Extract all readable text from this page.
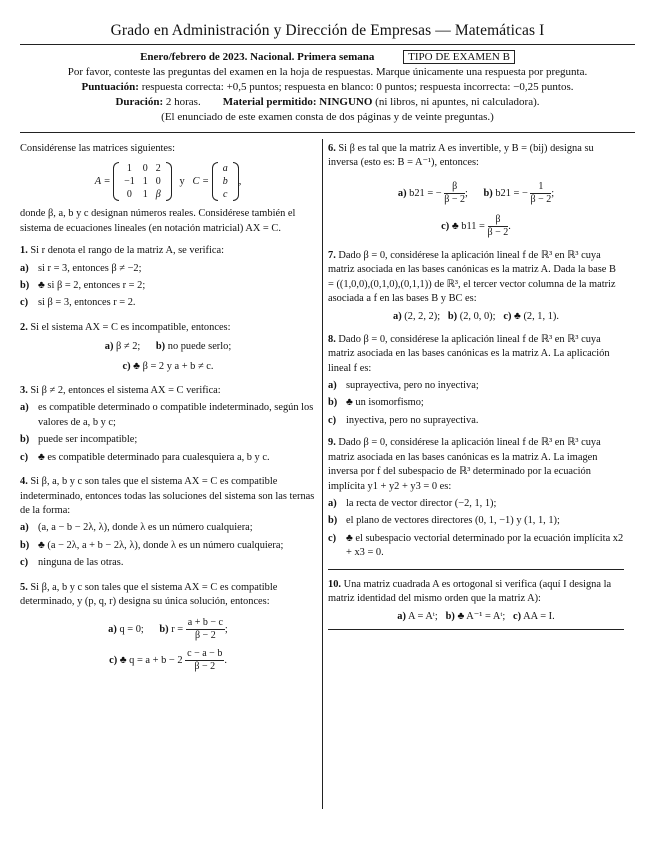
Grado en Administración y Dirección de Empresas — Matemáticas I
Enero/febrero de 2023. Nacional. Primera semana	TIPO DE EXAMEN B
Por favor, conteste las preguntas del examen en la hoja de respuestas. Marque únicamente una respuesta por pregunta.
Puntuación: respuesta correcta: +0,5 puntos; respuesta en blanco: 0 puntos; respuesta incorrecta: −0,25 puntos.
Duración: 2 horas. Material permitido: NINGUNO (ni libros, ni apuntes, ni calculadora).
(El enunciado de este examen consta de dos páginas y de veinte preguntas.)

Considérense las matrices siguientes:

A =
1	0	2
−1	1	0
0	1	β
y C =
a
b
c
,

donde β, a, b y c designan números reales. Considérese también el sistema de ecuaciones lineales (en notación matricial) AX = C.

1. Si r denota el rango de la matriz A, se verifica:

a) si r = 3, entonces β ≠ −2;
b) ♣ si β = 2, entonces r = 2;
c) si β = 3, entonces r = 2.

2. Si el sistema AX = C es incompatible, entonces:

a) β ≠ 2; b) no puede serlo;
c) ♣ β = 2 y a + b ≠ c.

3. Si β ≠ 2, entonces el sistema AX = C verifica:

a) es compatible determinado o compatible indeterminado, según los valores de a, b y c;
b) puede ser incompatible;
c) ♣ es compatible determinado para cualesquiera a, b y c.

4. Si β, a, b y c son tales que el sistema AX = C es compatible indeterminado, entonces todas las soluciones del sistema son las ternas de la forma:

a) (a, a − b − 2λ, λ), donde λ es un número cualquiera;
b) ♣ (a − 2λ, a + b − 2λ, λ), donde λ es un número cualquiera;
c) ninguna de las otras.

5. Si β, a, b y c son tales que el sistema AX = C es compatible determinado, y (p, q, r) designa su única solución, entonces:

a) q = 0; b) $r = \frac{a + b - c}{\beta - 2}$ ;
c) ♣ $q = a + b - 2 \frac{c - a - b}{\beta - 2}$ .

6. Si β es tal que la matriz A es invertible, y B = (bij) designa su inversa (esto es: B = A⁻¹), entonces:

a) b21 = − $\frac{\beta}{\beta - 2}$ ; b) b21 = − $\frac{1}{\beta - 2}$ ;
c) ♣ $b11 = \frac{\beta}{\beta - 2}$ .

7. Dado β = 0, considérese la aplicación lineal f de ℝ³ en ℝ³ cuya matriz asociada en las bases canónicas es la matriz A. Dada la base B = ((1,0,0),(0,1,0),(0,1,1)) de ℝ³, el tercer vector columna de la matriz asociada a f en las bases B y BC es:

a) (2, 2, 2); b) (2, 0, 0); c) ♣ (2, 1, 1).

8. Dado β = 0, considérese la aplicación lineal f de ℝ³ en ℝ³ cuya matriz asociada en las bases canónicas es la matriz A. La aplicación lineal f es:

a) suprayectiva, pero no inyectiva;
b) ♣ un isomorfismo;
c) inyectiva, pero no suprayectiva.

9. Dado β = 0, considérese la aplicación lineal f de ℝ³ en ℝ³ cuya matriz asociada en las bases canónicas es la matriz A. La imagen inversa por f del subespacio de ℝ³ determinado por la ecuación implícita y1 + y2 + y3 = 0 es:

a) la recta de vector director (−2, 1, 1);
b) el plano de vectores directores (0, 1, −1) y (1, 1, 1);
c) ♣ el subespacio vectorial determinado por la ecuación implícita x2 + x3 = 0.

10. Una matriz cuadrada A es ortogonal si verifica (aquí I designa la matriz identidad del mismo orden que la matriz A):

a) A = Aᵗ; b) ♣ A⁻¹ = Aᵗ; c) AA = I.
